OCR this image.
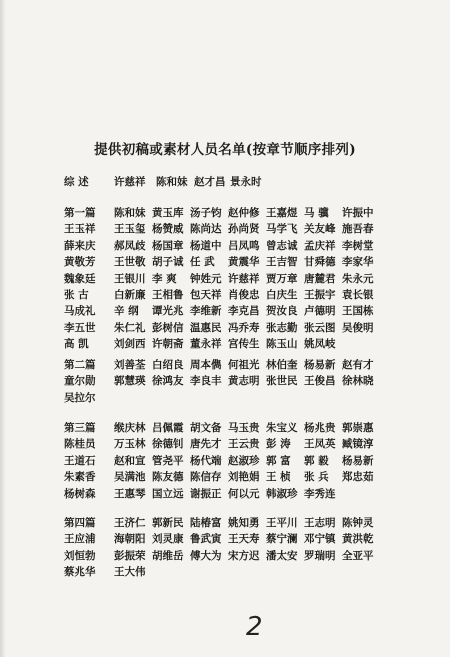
提供初稿或素材人员名单(按章节顺序排列)
综 述	许慈祥	陈和妹 赵才昌 景永时
第一篇	陈和妹 黄玉库 汤子钧 赵仲修 王嘉煜 马 骥	许振中
王玉祥	王玉玺 杨赞威 陈尚达 孙尚贤 马学飞 关友峰 施吾春
薛来庆	郝凤歧 杨国章 杨道中 吕凤鸣 曾志诚 孟庆祥 李树堂
黄敬芳	王世敬 胡子诚 任 武	黄震华 王吉智 甘舜德 李家华
魏象廷	王银川 李 爽	钟姓元 许慈祥 贾万章 唐麓君 朱永元
张 古	白新廉 王相鲁 包天祥 肖俊忠 白庆生 王振宇 袁长银
马成礼	辛 纲	谭光兆 李维新 李克昌 贺汝良 卢德明 王国栋
李五世	朱仁礼 彭树信 温惠民 冯乔寿 张志勤 张云图 吴俊明
高 凯	刘剑西 许朝斋 董永祥 宫传生 陈玉山 姚凤岐
第二篇	刘善荃 白绍良 周本儁 何祖光 林伯奎 杨易新 赵有才
童尔勋	郭慧瑛 徐鸿友 李良丰 黄志明 张世民 王俊昌 徐林晓
吴拉尔
第三篇	缑庆林 吕佩霞 胡文备 马玉贵 朱宝义 杨兆贵 郭崇惠
陈桂员	万玉林 徐德钊 唐先才 王云贵 彭 涛	王凤英 臧镜淳
王道石	赵和宣 管尧平 杨代端 赵淑珍 郭 富	郭 毅	杨易新
朱素香	吴满池 陈友德 陈信存 刘艳娟 王 桢	张 兵	郑忠茹
杨树森	王惠琴 国立远 谢振正 何以元 韩淑珍 李秀连
第四篇	王济仁 郭新民 陆椿富 姚知勇 王平川 王志明 陈钟灵
王应浦	海朝阳 刘灵康 鲁武寅 王天寿 蔡宁澜 邓宁镇 黄洪乾
刘恒勃	彭振荣 胡维岳 傅大为 宋方迟 潘太安 罗瑞明 全亚平
蔡兆华	王大伟
2
